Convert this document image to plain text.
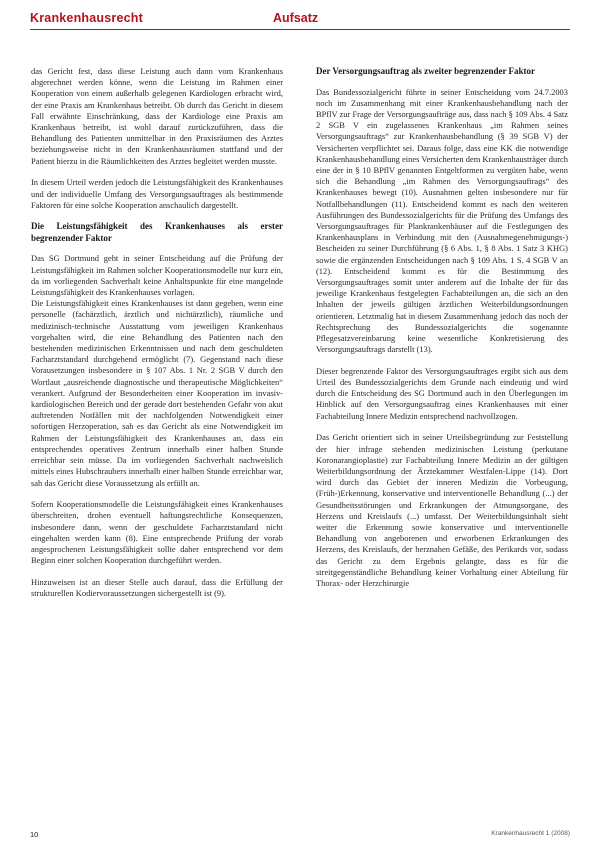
Krankenhausrecht	Aufsatz

das Gericht fest, dass diese Leistung auch dann vom Krankenhaus abgerechnet werden könne, wenn die Leistung im Rahmen einer Kooperation von einem außerhalb gelegenen Kardiologen erbracht wird, der eine Praxis am Krankenhaus betreibt. Ob durch das Gericht in diesem Fall erwähnte Einschränkung, dass der Kardiologe eine Praxis am Krankenhaus betreibt, ist wohl darauf zurückzuführen, dass die Behandlung des Patienten unmittelbar in den Praxisräumen des Arztes beziehungsweise nicht in den Krankenhausräumen stattfand und der Patient hierzu in die Räumlichkeiten des Arztes begleitet werden musste.

In diesem Urteil werden jedoch die Leistungsfähigkeit des Krankenhauses und der individuelle Umfang des Versorgungsauftrages als bestimmende Faktoren für eine solche Kooperation anschaulich dargestellt.

Die Leistungsfähigkeit des Krankenhauses als erster begrenzender Faktor

Das SG Dortmund geht in seiner Entscheidung auf die Prüfung der Leistungsfähigkeit im Rahmen solcher Kooperationsmodelle nur kurz ein, da im vorliegenden Sachverhalt keine Anhaltspunkte für eine mangelnde Leistungsfähigkeit des Krankenhauses vorlagen.

Die Leistungsfähigkeit eines Krankenhauses ist dann gegeben, wenn eine personelle (fachärztlich, ärztlich und nichtärztlich), räumliche und medizinisch-technische Ausstattung vom jeweiligen Krankenhaus vorgehalten wird, die eine Behandlung des Patienten nach den bestehenden medizinischen Erkenntnissen und nach dem geschuldeten Facharztstandard durchgehend ermöglicht (7). Gegenstand nach diese Vorausetzungen insbesondere in § 107 Abs. 1 Nr. 2 SGB V durch den Wortlaut „ausreichende diagnostische und therapeutische Möglichkeiten“ verankert. Aufgrund der Besonderheiten einer Kooperation im invasiv-kardiologischen Bereich und der gerade dort bestehenden Gefahr von akut auftretenden Notfällen mit der nachfolgenden Notwendigkeit einer sofortigen Herzoperation, sah es das Gericht als eine Notwendigkeit im Rahmen der Leistungsfähigkeit des Krankenhauses an, dass ein entsprechendes operatives Zentrum innerhalb einer halben Stunde erreichbar sein müsse. Da im vorliegenden Sachverhalt nachweislich mittels eines Hubschraubers innerhalb einer halben Stunde erreichbar war, sah das Gericht diese Voraussetzung als erfüllt an.

Sofern Kooperationsmodelle die Leistungsfähigkeit eines Krankenhauses überschreiten, drohen eventuell haftungsrechtliche Konsequenzen, insbesondere dann, wenn der geschuldete Facharztstandard nicht eingehalten werden kann (8). Eine entsprechende Prüfung der vorab angesprochenen Leistungsfähigkeit sollte daher entsprechend vor dem Beginn einer solchen Kooperation durchgeführt werden.

Hinzuweisen ist an dieser Stelle auch darauf, dass die Erfüllung der strukturellen Kodiervoraussetzungen sichergestellt ist (9).

Der Versorgungsauftrag als zweiter begrenzender Faktor

Das Bundessozialgericht führte in seiner Entscheidung vom 24.7.2003 noch im Zusammenhang mit einer Krankenhausbehandlung nach der BPflV zur Frage der Versorgungsaufträge aus, dass nach § 109 Abs. 4 Satz 2 SGB V ein zugelassenes Krankenhaus „im Rahmen seines Versorgungsauftrags“ zur Krankenhausbehandlung (§ 39 SGB V) der Versicherten verpflichtet sei. Daraus folge, dass eine KK die notwendige Krankenhausbehandlung eines Versicherten dem Krankenhausträger durch eine der in § 10 BPflV genannten Entgeltformen zu vergüten habe, wenn sich die Behandlung „im Rahmen des Versorgungsauftrags“ des Krankenhauses bewegt (10). Ausnahmen gelten insbesondere nur für Notfallbehandlungen (11). Entscheidend kommt es nach den weiteren Ausführungen des Bundessozialgerichts für die Prüfung des Umfangs des Versorgungsauftrages für Plankrankenhäuser auf die Festlegungen des Krankenhausplans in Verbindung mit den (Ausnahmegenehmigungs-) Bescheiden zu seiner Durchführung (§ 6 Abs. 1, § 8 Abs. 1 Satz 3 KHG) sowie die ergänzenden Entscheidungen nach § 109 Abs. 1 S. 4 SGB V an (12). Entscheidend kommt es für die Bestimmung des Versorgungsauftrages somit unter anderem auf die Inhalte der für das jeweilige Krankenhaus festgelegten Fachabteilungen an, die sich an den Inhalten der jeweils gültigen ärztlichen Weiterbildungsordnungen orientieren. Letztmalig hat in diesem Zusammenhang jedoch das noch der Rechtsprechung des Bundessozialgerichts die sogenannte Pflegesatzvereinbarung keine wesentliche Konkretisierung des Versorgungsauftrags darstellt (13).

Dieser begrenzende Faktor des Versorgungsauftrages ergibt sich aus dem Urteil des Bundessozialgerichts dem Grunde nach eindeutig und wird durch die Entscheidung des SG Dortmund auch in den Überlegungen im Hinblick auf den Versorgungsauftrag eines Krankenhauses mit einer Fachabteilung Innere Medizin entsprechend nachvollzogen.

Das Gericht orientiert sich in seiner Urteilsbegründung zur Feststellung der hier infrage stehenden medizinischen Leistung (perkutane Koronarangioplastie) zur Fachabteilung Innere Medizin an der gültigen Weiterbildungsordnung der Ärztekammer Westfalen-Lippe (14). Dort wird durch das Gebiet der inneren Medizin die Vorbeugung, (Früh-)Erkennung, konservative und interventionelle Behandlung (...) der Gesundheitsstörungen und Erkrankungen der Atmungsorgane, des Herzens und Kreislaufs (...) umfasst. Der Weiterbildungsinhalt sieht weiter die Erkennung sowie konservative und interventionelle Behandlung von angeborenen und erworbenen Erkrankungen des Herzens, des Kreislaufs, der herznahen Gefäße, des Perikards vor, sodass das Gericht zu dem Ergebnis gelangte, dass es für die streitgegenständliche Behandlung keiner Vorhaltung einer Abteilung für Thorax- oder Herzchirurgie

10	Krankenhausrecht 1 (2008)
